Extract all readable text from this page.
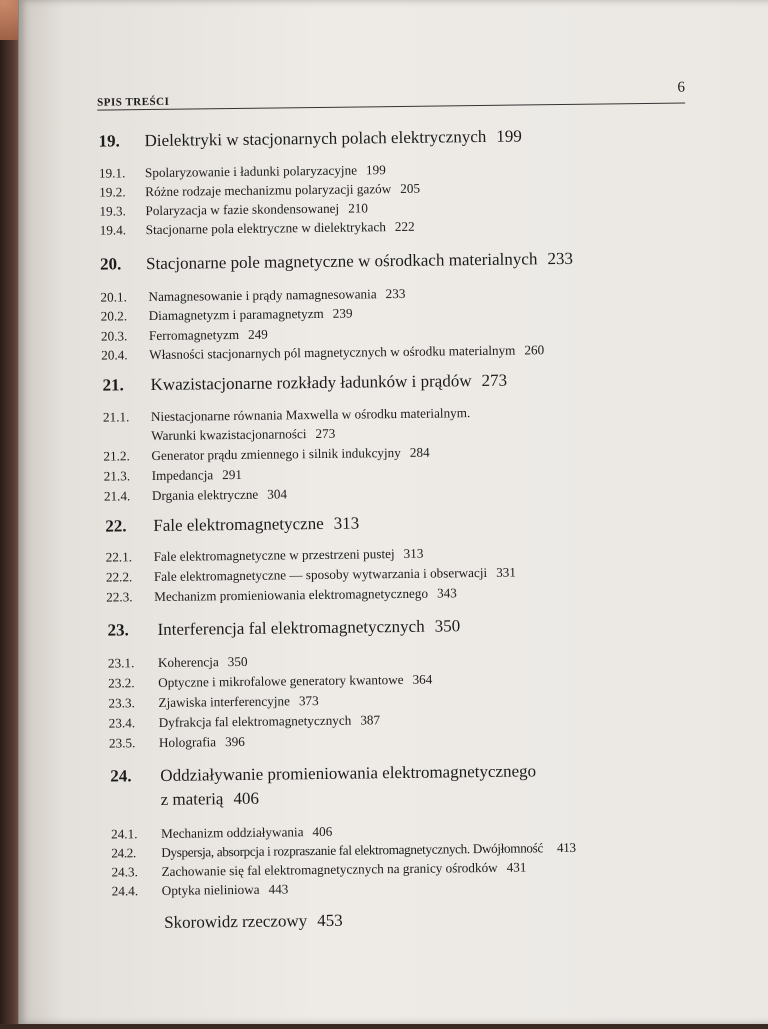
SPIS TREŚCI
6
19. Dielektryki w stacjonarnych polach elektrycznych 199
19.1. Spolaryzowanie i ładunki polaryzacyjne 199
19.2. Różne rodzaje mechanizmu polaryzacji gazów 205
19.3. Polaryzacja w fazie skondensowanej 210
19.4. Stacjonarne pola elektryczne w dielektrykach 222
20. Stacjonarne pole magnetyczne w ośrodkach materialnych 233
20.1. Namagnesowanie i prądy namagnesowania 233
20.2. Diamagnetyzm i paramagnetyzm 239
20.3. Ferromagnetyzm 249
20.4. Własności stacjonarnych pól magnetycznych w ośrodku materialnym 260
21. Kwazistacjonarne rozkłady ładunków i prądów 273
21.1. Niestacjonarne równania Maxwella w ośrodku materialnym.
Warunki kwazistacjonarności 273
21.2. Generator prądu zmiennego i silnik indukcyjny 284
21.3. Impedancja 291
21.4. Drgania elektryczne 304
22. Fale elektromagnetyczne 313
22.1. Fale elektromagnetyczne w przestrzeni pustej 313
22.2. Fale elektromagnetyczne — sposoby wytwarzania i obserwacji 331
22.3. Mechanizm promieniowania elektromagnetycznego 343
23. Interferencja fal elektromagnetycznych 350
23.1. Koherencja 350
23.2. Optyczne i mikrofalowe generatory kwantowe 364
23.3. Zjawiska interferencyjne 373
23.4. Dyfrakcja fal elektromagnetycznych 387
23.5. Holografia 396
24. Oddziaływanie promieniowania elektromagnetycznego
z materią 406
24.1. Mechanizm oddziaływania 406
24.2. Dyspersja, absorpcja i rozpraszanie fal elektromagnetycznych. Dwójłomność 413
24.3. Zachowanie się fal elektromagnetycznych na granicy ośrodków 431
24.4. Optyka nieliniowa 443
Skorowidz rzeczowy 453
